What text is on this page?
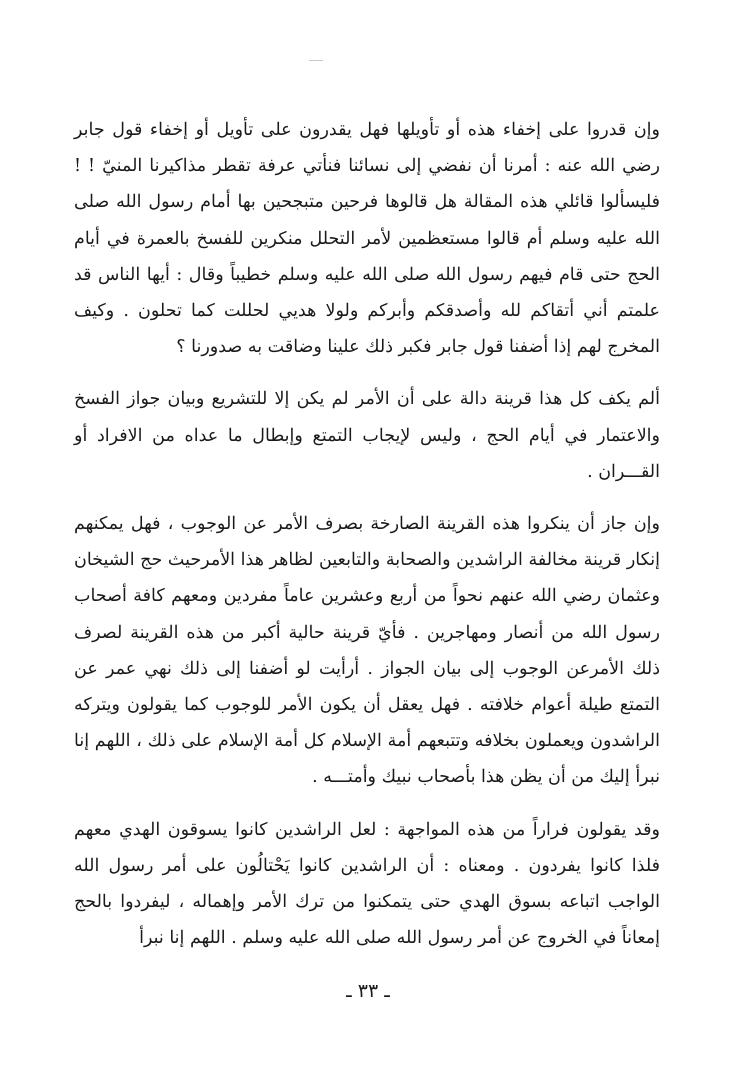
وإن قدروا على إخفاء هذه أو تأويلها فهل يقدرون على تأويل أو إخفاء قول جابر رضي الله عنه : أمرنا أن نفضي إلى نسائنا فنأتي عرفة تقطر مذاكيرنا المنيّ ! ! فليسألوا قائلي هذه المقالة هل قالوها فرحين متبجحين بها أمام رسول الله صلى الله عليه وسلم أم قالوا مستعظمين لأمر التحلل منكرين للفسخ بالعمرة في أيام الحج حتى قام فيهم رسول الله صلى الله عليه وسلم خطيباً وقال : أيها الناس قد علمتم أني أتقاكم لله وأصدقكم وأبركم ولولا هديي لحللت كما تحلون . وكيف المخرج لهم إذا أضفنا قول جابر فكبر ذلك علينا وضاقت به صدورنا ؟

ألم يكف كل هذا قرينة دالة على أن الأمر لم يكن إلا للتشريع وبيان جواز الفسخ والاعتمار في أيام الحج ، وليس لإيجاب التمتع وإبطال ما عداه من الافراد أو القـــران .

وإن جاز أن ينكروا هذه القرينة الصارخة بصرف الأمر عن الوجوب ، فهل يمكنهم إنكار قرينة مخالفة الراشدين والصحابة والتابعين لظاهر هذا الأمرحيث حج الشيخان وعثمان رضي الله عنهم نحواً من أربع وعشرين عاماً مفردين ومعهم كافة أصحاب رسول الله من أنصار ومهاجرين . فأيّ قرينة حالية أكبر من هذه القرينة لصرف ذلك الأمرعن الوجوب إلى بيان الجواز . أرأيت لو أضفنا إلى ذلك نهي عمر عن التمتع طيلة أعوام خلافته . فهل يعقل أن يكون الأمر للوجوب كما يقولون ويتركه الراشدون ويعملون بخلافه وتتبعهم أمة الإسلام كل أمة الإسلام على ذلك ، اللهم إنا نبرأ إليك من أن يظن هذا بأصحاب نبيك وأمتـــه .

وقد يقولون فراراً من هذه المواجهة : لعل الراشدين كانوا يسوقون الهدي معهم فلذا كانوا يفردون . ومعناه : أن الراشدين كانوا يَحْتالُون على أمر رسول الله الواجب اتباعه بسوق الهدي حتى يتمكنوا من ترك الأمر وإهماله ، ليفردوا بالحج إمعاناً في الخروج عن أمر رسول الله صلى الله عليه وسلم . اللهم إنا نبرأ

ـ ٣٣ ـ
